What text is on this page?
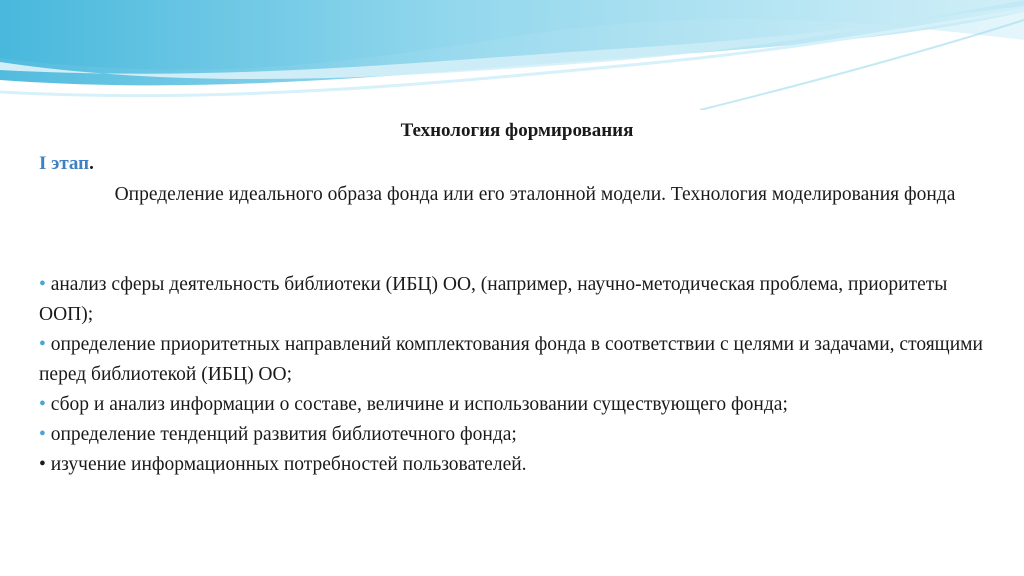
Технология формирования
I этап.
Определение идеального образа фонда или его эталонной модели. Технология моделирования фонда
• анализ сферы деятельность библиотеки (ИБЦ) ОО, (например, научно-методическая проблема, приоритеты ООП);
• определение приоритетных направлений комплектования фонда в соответствии с целями и задачами, стоящими перед библиотекой (ИБЦ) ОО;
• сбор и анализ информации о составе, величине и использовании существующего фонда;
• определение тенденций развития библиотечного фонда;
• изучение информационных потребностей пользователей.
